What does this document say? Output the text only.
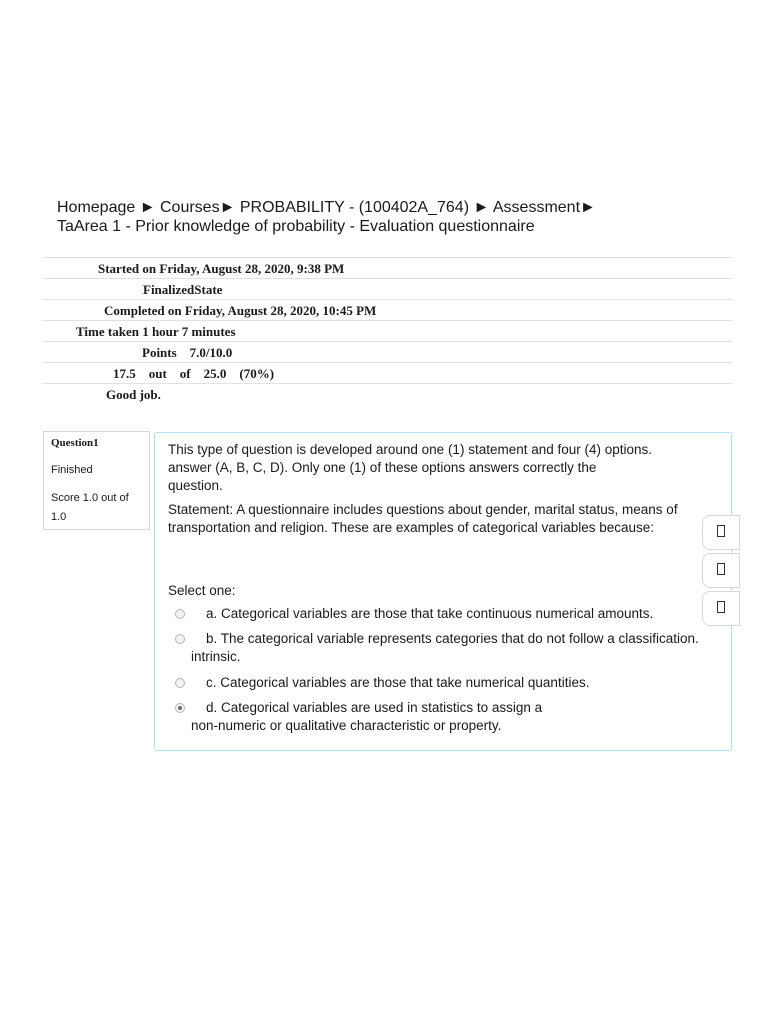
Homepage ► Courses► PROBABILITY - (100402A_764) ► Assessment►
TaArea 1 - Prior knowledge of probability - Evaluation questionnaire
Started on Friday, August 28, 2020, 9:38 PM
FinalizedState
Completed on Friday, August 28, 2020, 10:45 PM
Time taken 1 hour 7 minutes
Points    7.0/10.0
17.5    out    of    25.0    (70%)
Good job.
Question1
Finished
Score 1.0 out of 1.0
This type of question is developed around one (1) statement and four (4) options.
answer (A, B, C, D). Only one (1) of these options answers correctly the
question.
Statement: A questionnaire includes questions about gender, marital status, means of
transportation and religion. These are examples of categorical variables because:
Select one:
a. Categorical variables are those that take continuous numerical amounts.
b. The categorical variable represents categories that do not follow a classification.
intrinsic.
c. Categorical variables are those that take numerical quantities.
d. Categorical variables are used in statistics to assign a
non-numeric or qualitative characteristic or property.
